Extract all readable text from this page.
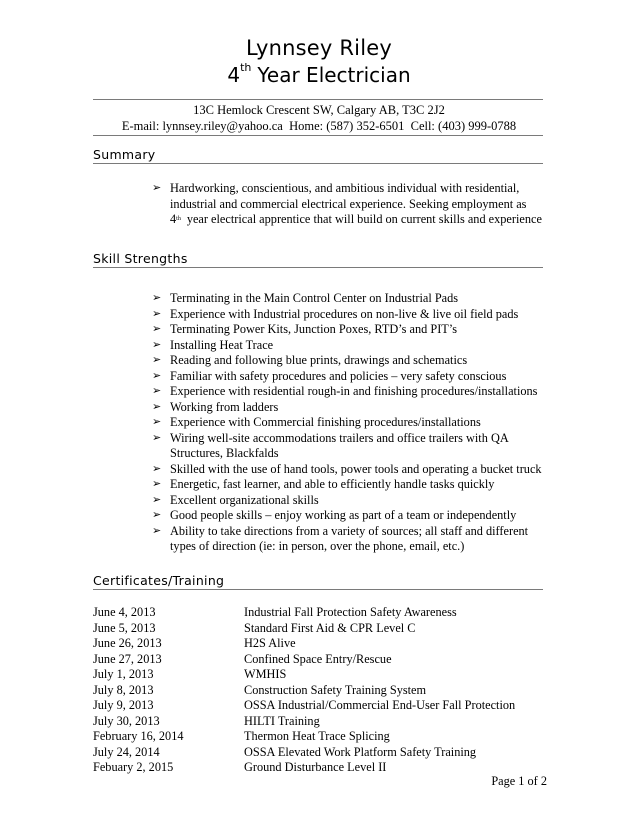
Lynnsey Riley
4th Year Electrician
13C Hemlock Crescent SW, Calgary AB, T3C 2J2
E-mail: lynnsey.riley@yahoo.ca  Home: (587) 352-6501  Cell: (403) 999-0788
Summary
➢ Hardworking, conscientious, and ambitious individual with residential, industrial and commercial electrical experience. Seeking employment as 4th year electrical apprentice that will build on current skills and experience
Skill Strengths
➢ Terminating in the Main Control Center on Industrial Pads
➢ Experience with Industrial procedures on non-live & live oil field pads
➢ Terminating Power Kits, Junction Poxes, RTD’s and PIT’s
➢ Installing Heat Trace
➢ Reading and following blue prints, drawings and schematics
➢ Familiar with safety procedures and policies – very safety conscious
➢ Experience with residential rough-in and finishing procedures/installations
➢ Working from ladders
➢ Experience with Commercial finishing procedures/installations
➢ Wiring well-site accommodations trailers and office trailers with QA Structures, Blackfalds
➢ Skilled with the use of hand tools, power tools and operating a bucket truck
➢ Energetic, fast learner, and able to efficiently handle tasks quickly
➢ Excellent organizational skills
➢ Good people skills – enjoy working as part of a team or independently
➢ Ability to take directions from a variety of sources; all staff and different types of direction (ie: in person, over the phone, email, etc.)
Certificates/Training
June 4, 2013	Industrial Fall Protection Safety Awareness
June 5, 2013	Standard First Aid & CPR Level C
June 26, 2013	H2S Alive
June 27, 2013	Confined Space Entry/Rescue
July 1, 2013	WMHIS
July 8, 2013	Construction Safety Training System
July 9, 2013	OSSA Industrial/Commercial End-User Fall Protection
July 30, 2013	HILTI Training
February 16, 2014	Thermon Heat Trace Splicing
July 24, 2014	OSSA Elevated Work Platform Safety Training
Febuary 2, 2015	Ground Disturbance Level II
Page 1 of 2
